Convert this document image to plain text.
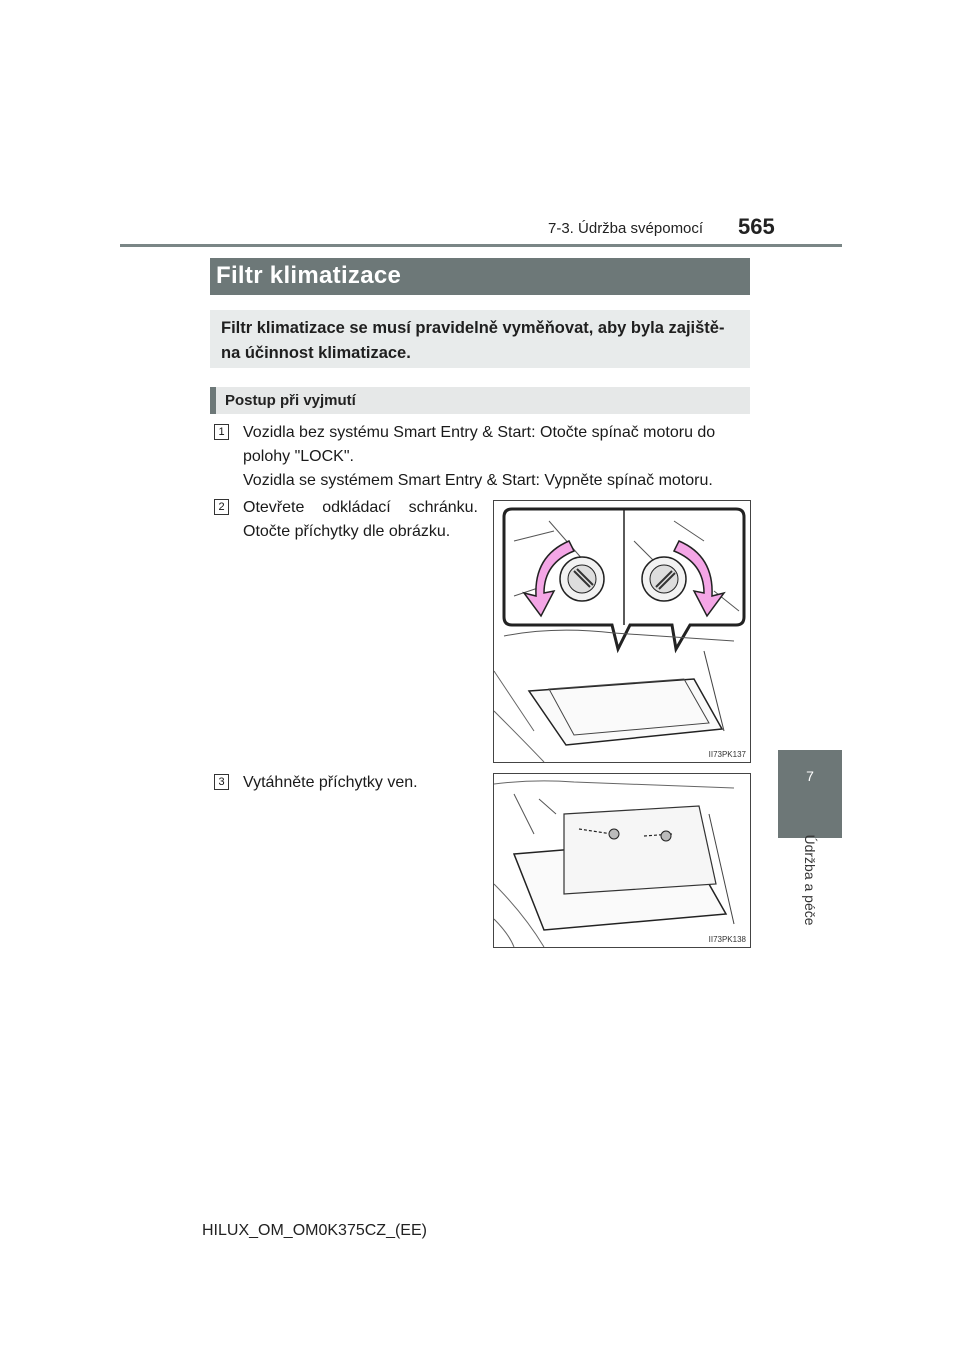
7-3. Údržba svépomocí 565
7
Údržba a péče
Filtr klimatizace
Filtr klimatizace se musí pravidelně vyměňovat, aby byla zajiště-na účinnost klimatizace.
Postup při vyjmutí
1 Vozidla bez systému Smart Entry & Start: Otočte spínač motoru do
polohy "LOCK".
Vozidla se systémem Smart Entry & Start: Vypněte spínač motoru.
2 Otevřete odkládací schránku.
Otočte příchytky dle obrázku.
II73PK137
3 Vytáhněte příchytky ven.
II73PK138
HILUX_OM_OM0K375CZ_(EE)
